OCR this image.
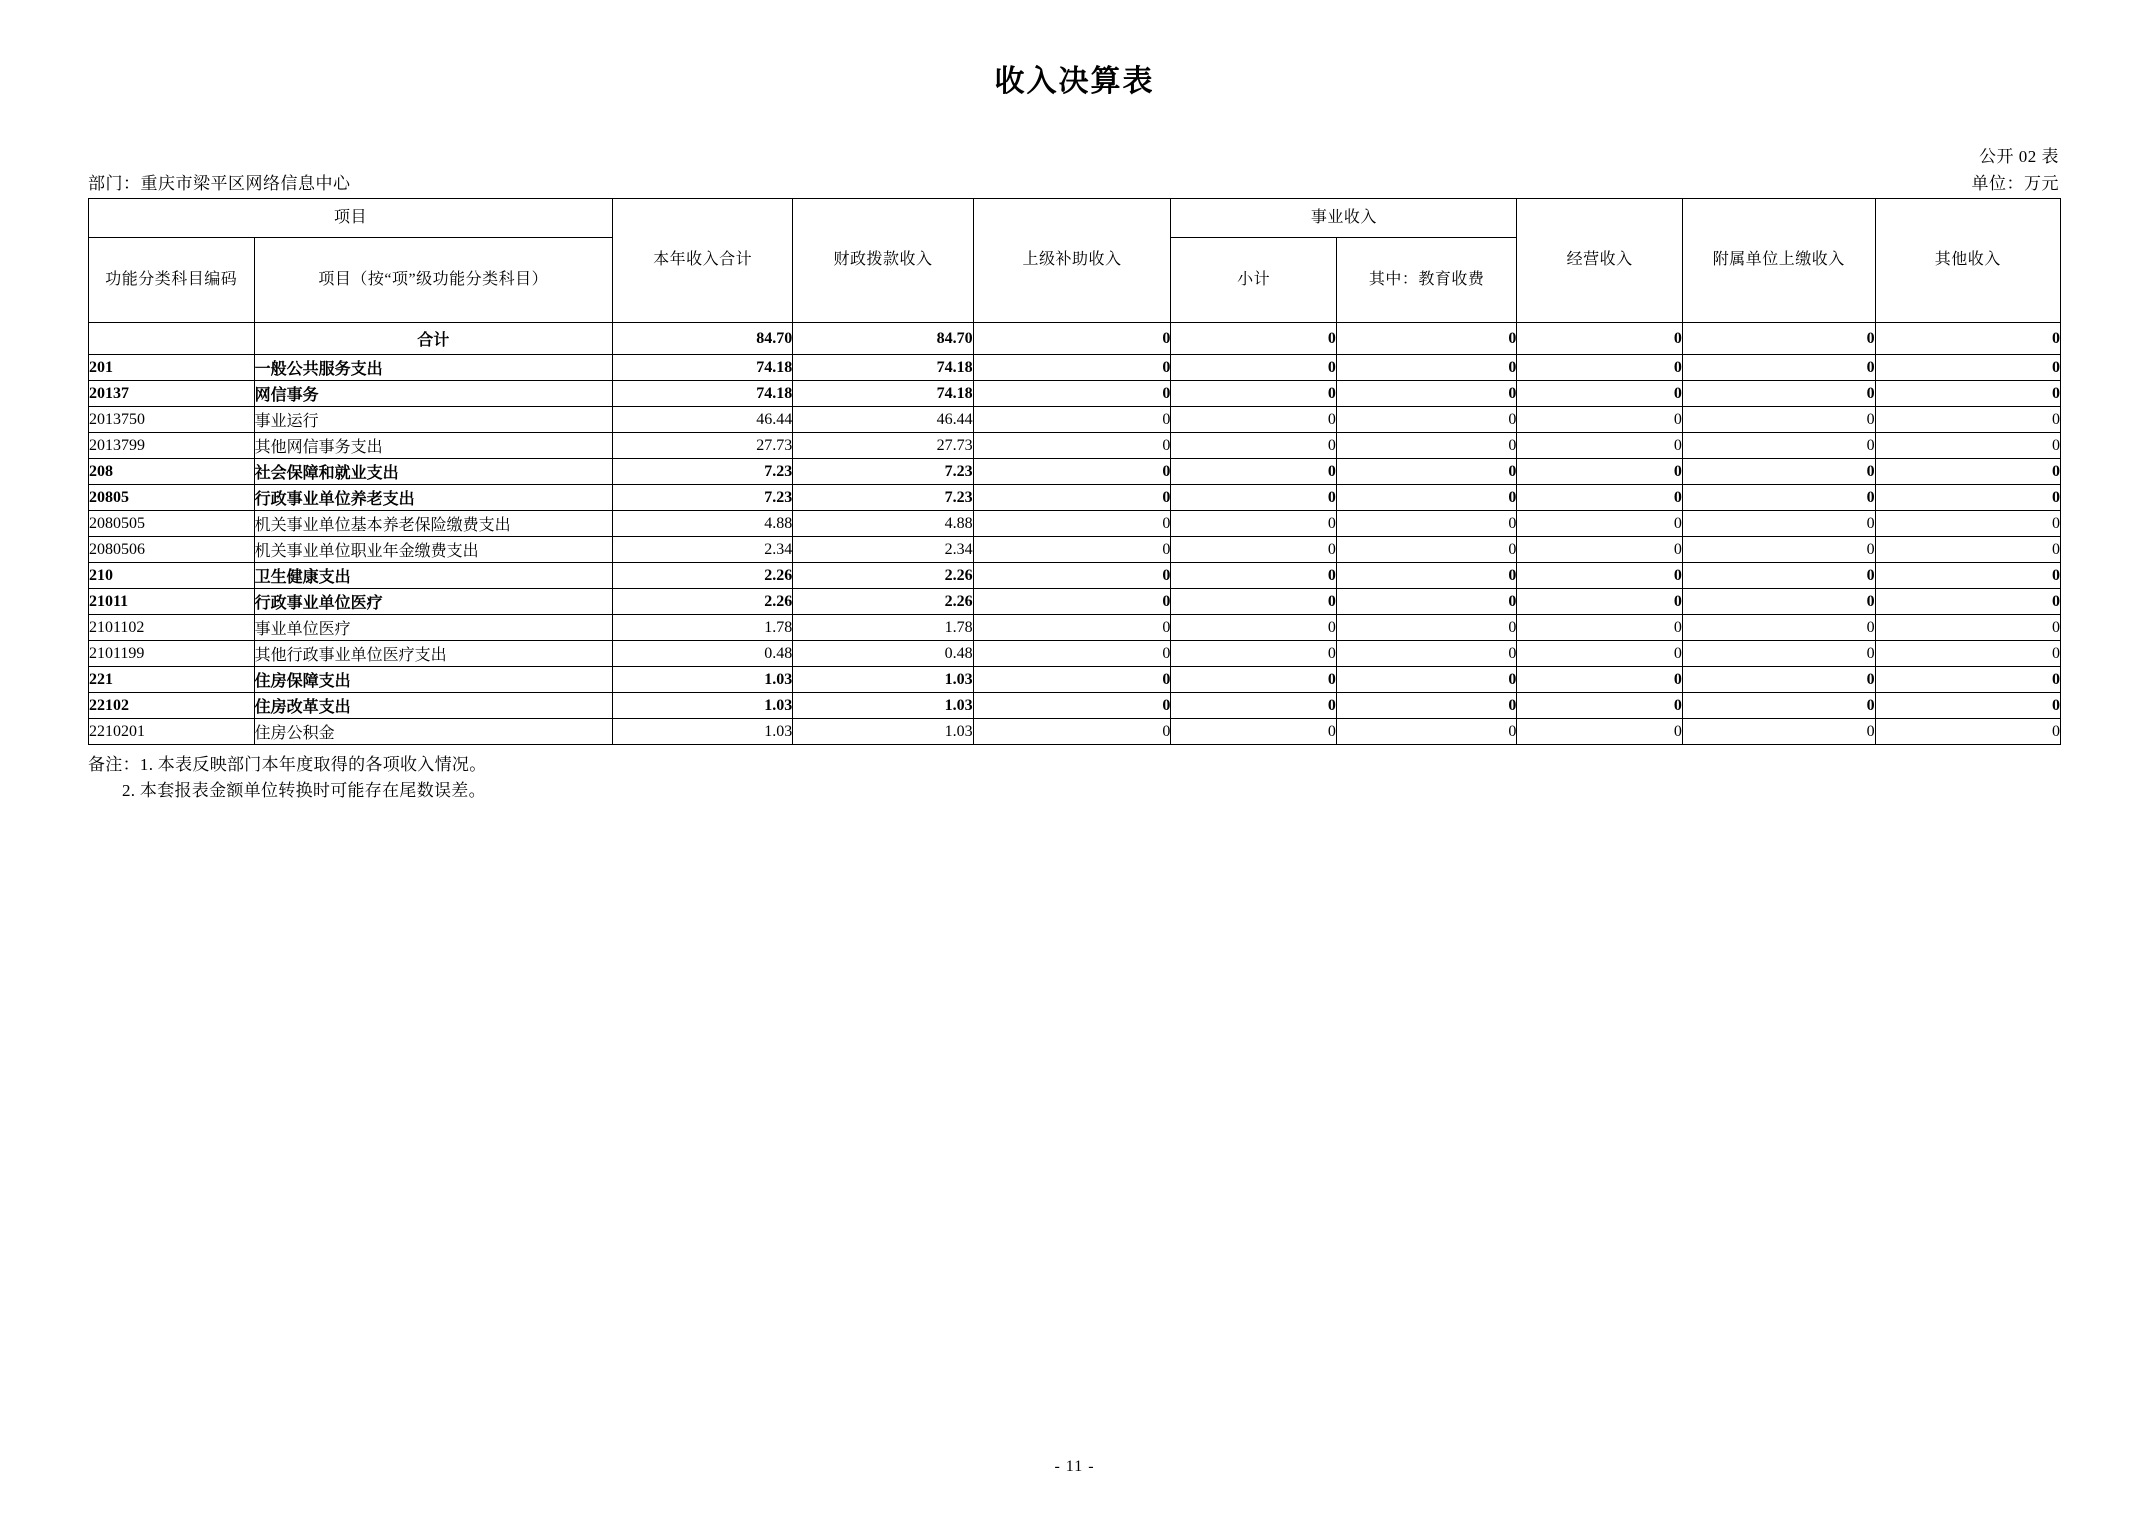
收入决算表
公开 02 表
部门：重庆市梁平区网络信息中心	单位：万元
项目		本年收入合计	财政拨款收入	上级补助收入	事业收入		经营收入	附属单位上缴收入	其他收入
功能分类科目编码	项目（按“项”级功能分类科目）				小计	其中：教育收费			
	合计	84.70	84.70	0	0	0	0	0	0
201	一般公共服务支出	74.18	74.18	0	0	0	0	0	0
20137	网信事务	74.18	74.18	0	0	0	0	0	0
2013750	事业运行	46.44	46.44	0	0	0	0	0	0
2013799	其他网信事务支出	27.73	27.73	0	0	0	0	0	0
208	社会保障和就业支出	7.23	7.23	0	0	0	0	0	0
20805	行政事业单位养老支出	7.23	7.23	0	0	0	0	0	0
2080505	机关事业单位基本养老保险缴费支出	4.88	4.88	0	0	0	0	0	0
2080506	机关事业单位职业年金缴费支出	2.34	2.34	0	0	0	0	0	0
210	卫生健康支出	2.26	2.26	0	0	0	0	0	0
21011	行政事业单位医疗	2.26	2.26	0	0	0	0	0	0
2101102	事业单位医疗	1.78	1.78	0	0	0	0	0	0
2101199	其他行政事业单位医疗支出	0.48	0.48	0	0	0	0	0	0
221	住房保障支出	1.03	1.03	0	0	0	0	0	0
22102	住房改革支出	1.03	1.03	0	0	0	0	0	0
2210201	住房公积金	1.03	1.03	0	0	0	0	0	0
备注：1. 本表反映部门本年度取得的各项收入情况。
2. 本套报表金额单位转换时可能存在尾数误差。
- 11 -
